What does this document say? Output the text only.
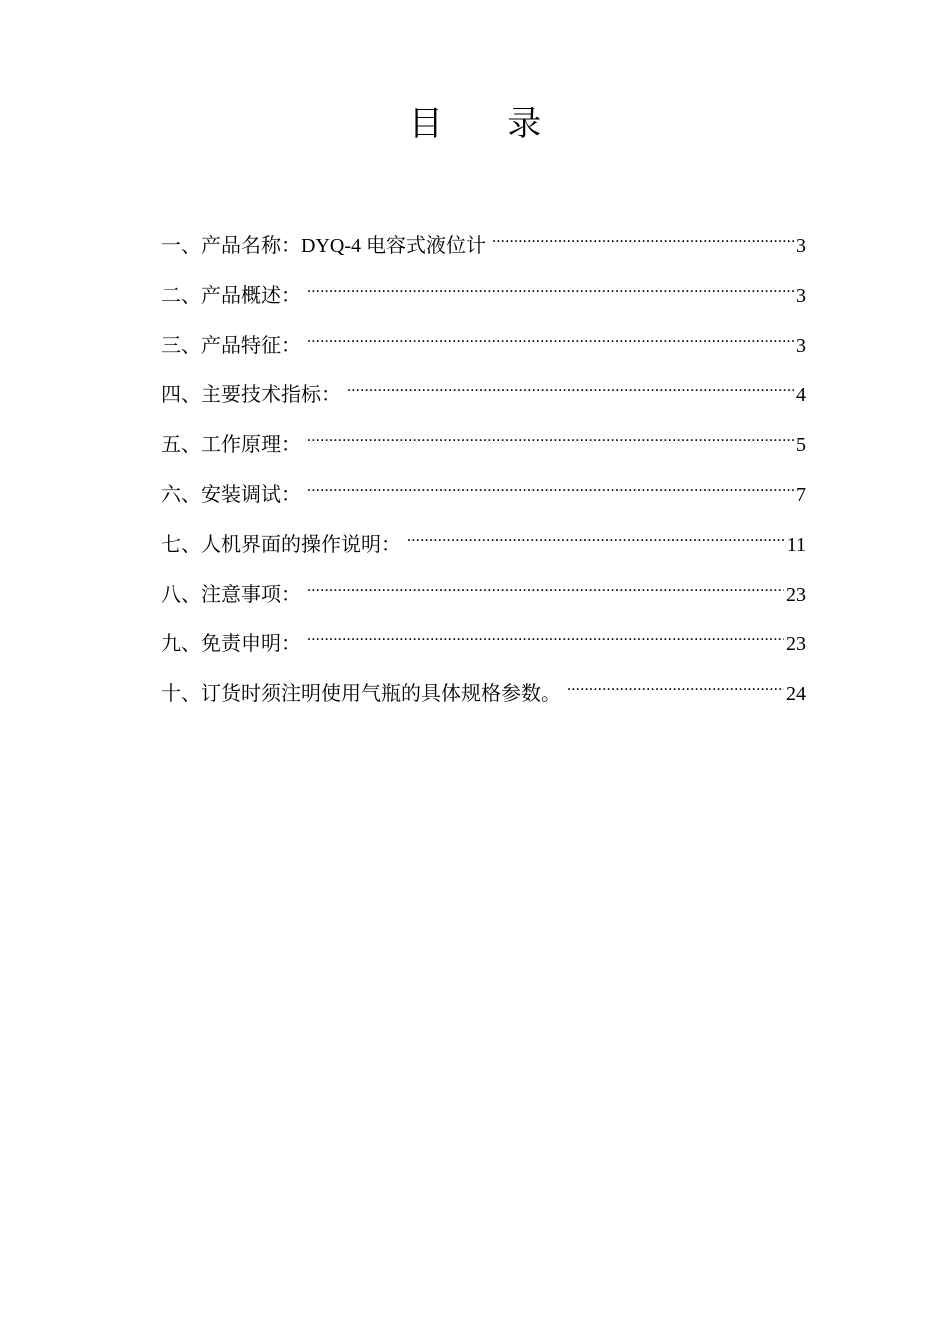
目 录
一、产品名称：DYQ-4 电容式液位计 .....	3
二、产品概述： .....	3
三、产品特征： .....	3
四、主要技术指标： .....	4
五、工作原理： .....	5
六、安装调试： .....	7
七、人机界面的操作说明： .....	11
八、注意事项： .....	23
九、免责申明： .....	23
十、订货时须注明使用气瓶的具体规格参数。 .....	24
